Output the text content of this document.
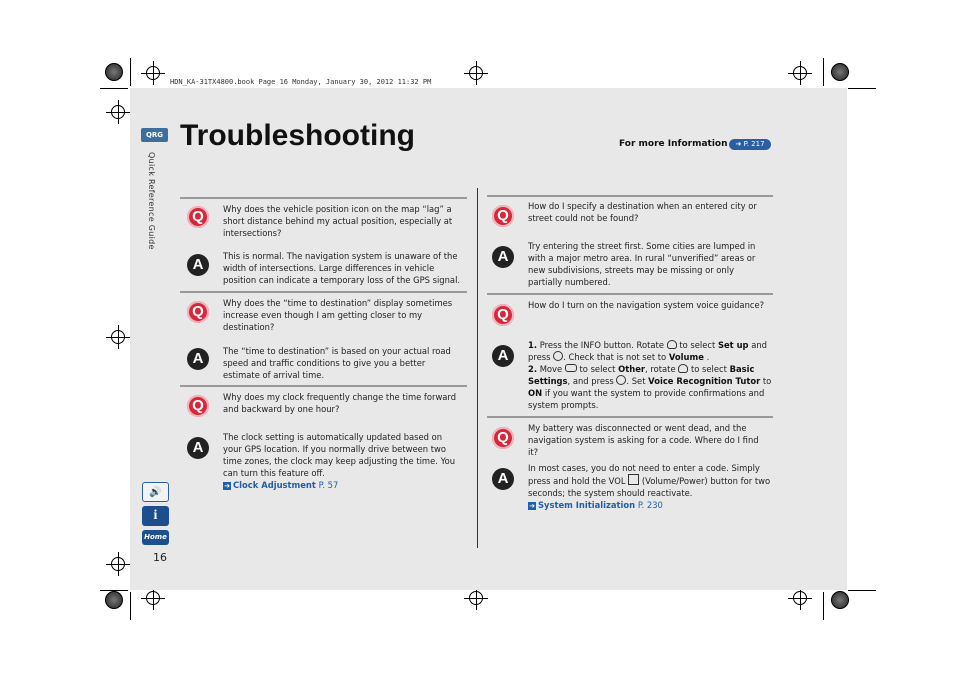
HDN_KA-31TX4800.book Page 16 Monday, January 30, 2012 11:32 PM
QRG
Quick Reference Guide
Troubleshooting	For more Information	➔ P. 217
Q	Why does the vehicle position icon on the map “lag” a short distance behind my actual position, especially at intersections?
A	This is normal. The navigation system is unaware of the width of intersections. Large differences in vehicle position can indicate a temporary loss of the GPS signal.
Q	Why does the “time to destination” display sometimes increase even though I am getting closer to my destination?
A	The “time to destination” is based on your actual road speed and traffic conditions to give you a better estimate of arrival time.
Q	Why does my clock frequently change the time forward and backward by one hour?
A
The clock setting is automatically updated based on your GPS location. If you normally drive between two time zones, the clock may keep adjusting the time. You can turn this feature off.
➔ Clock Adjustment P. 57
Q
How do I specify a destination when an entered city or street could not be found?
A
Try entering the street first. Some cities are lumped in with a major metro area. In rural “unverified” areas or new subdivisions, streets may be missing or only partially numbered.
Q
How do I turn on the navigation system voice guidance?
A
1. Press the INFO button. Rotate to select Set up and press . Check that is not set to Volume .
2. Move to select Other, rotate to select Basic Settings, and press . Set Voice Recognition Tutor to ON if you want the system to provide confirmations and system prompts.
Q
My battery was disconnected or went dead, and the navigation system is asking for a code. Where do I find it?
A
In most cases, you do not need to enter a code. Simply press and hold the VOL (Volume/Power) button for two seconds; the system should reactivate.
➔ System Initialization P. 230
🔊
i
Home
16
